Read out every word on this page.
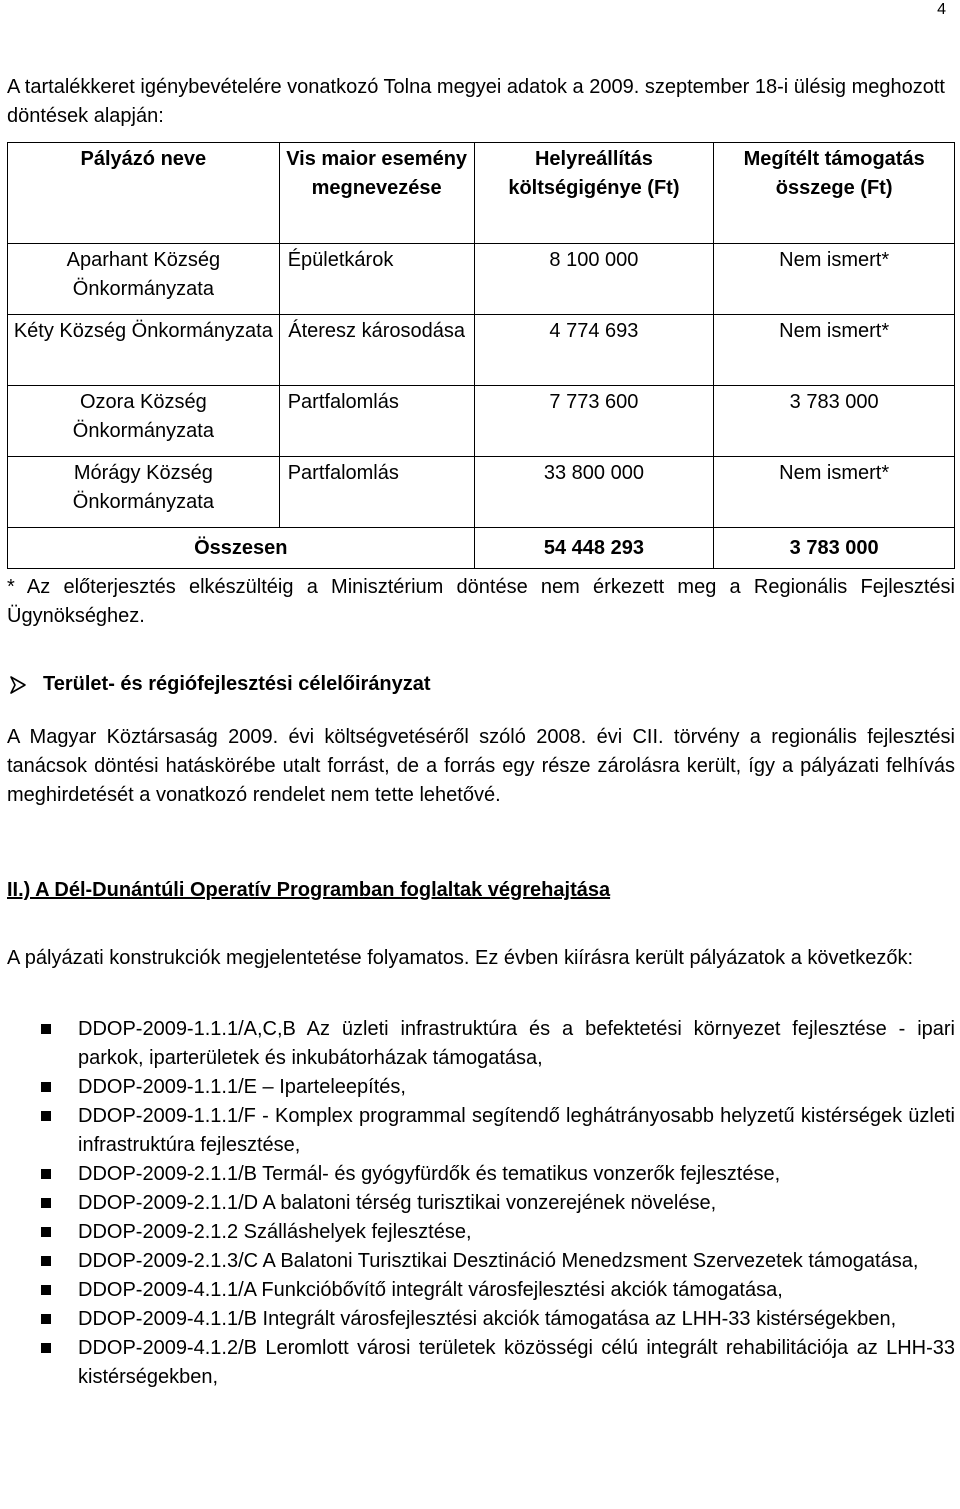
4

A tartalékkeret igénybevételére vonatkozó Tolna megyei adatok a 2009. szeptember 18-i ülésig meghozott döntések alapján:

Pályázó neve	Vis maior esemény megnevezése	Helyreállítás költségigénye (Ft)	Megítélt támogatás összege (Ft)
Aparhant Község Önkormányzata	Épületkárok	8 100 000	Nem ismert*
Kéty Község Önkormányzata	Áteresz károsodása	4 774 693	Nem ismert*
Ozora Község Önkormányzata	Partfalomlás	7 773 600	3 783 000
Mórágy Község Önkormányzata	Partfalomlás	33 800 000	Nem ismert*
Összesen		54 448 293	3 783 000

* Az előterjesztés elkészültéig a Minisztérium döntése nem érkezett meg a Regionális Fejlesztési Ügynökséghez.

Terület- és régiófejlesztési célelőirányzat

A Magyar Köztársaság 2009. évi költségvetéséről szóló 2008. évi CII. törvény a regionális fejlesztési tanácsok döntési hatáskörébe utalt forrást, de a forrás egy része zárolásra került, így a pályázati felhívás meghirdetését a vonatkozó rendelet nem tette lehetővé.

II.) A Dél-Dunántúli Operatív Programban foglaltak végrehajtása

A pályázati konstrukciók megjelentetése folyamatos. Ez évben kiírásra került pályázatok a következők:

DDOP-2009-1.1.1/A,C,B Az üzleti infrastruktúra és a befektetési környezet fejlesztése - ipari parkok, iparterületek és inkubátorházak támogatása,
DDOP-2009-1.1.1/E – Iparteleepítés,
DDOP-2009-1.1.1/F - Komplex programmal segítendő leghátrányosabb helyzetű kistérségek üzleti infrastruktúra fejlesztése,
DDOP-2009-2.1.1/B Termál- és gyógyfürdők és tematikus vonzerők fejlesztése,
DDOP-2009-2.1.1/D A balatoni térség turisztikai vonzerejének növelése,
DDOP-2009-2.1.2 Szálláshelyek fejlesztése,
DDOP-2009-2.1.3/C A Balatoni Turisztikai Desztináció Menedzsment Szervezetek támogatása,
DDOP-2009-4.1.1/A Funkcióbővítő integrált városfejlesztési akciók támogatása,
DDOP-2009-4.1.1/B Integrált városfejlesztési akciók támogatása az LHH-33 kistérségekben,
DDOP-2009-4.1.2/B Leromlott városi területek közösségi célú integrált rehabilitációja az LHH-33 kistérségekben,
